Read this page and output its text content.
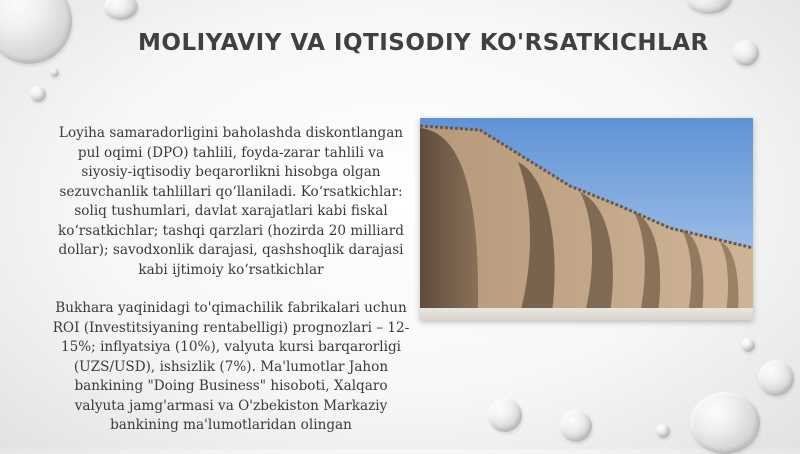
MOLIYAVIY VA IQTISODIY KO'RSATKICHLAR

Loyiha samaradorligini baholashda diskontlangan pul oqimi (DPO) tahlili, foyda-zarar tahlili va siyosiy-iqtisodiy beqarorlikni hisobga olgan sezuvchanlik tahlillari qo‘llaniladi. Ko‘rsatkichlar: soliq tushumlari, davlat xarajatlari kabi fiskal ko‘rsatkichlar; tashqi qarzlari (hozirda 20 milliard dollar); savodxonlik darajasi, qashshoqlik darajasi kabi ijtimoiy ko‘rsatkichlar

Bukhara yaqinidagi to'qimachilik fabrikalari uchun ROI (Investitsiyaning rentabelligi) prognozlari – 12-15%; inflyatsiya (10%), valyuta kursi barqarorligi (UZS/USD), ishsizlik (7%). Ma'lumotlar Jahon bankining "Doing Business" hisoboti, Xalqaro valyuta jamg'armasi va O'zbekiston Markaziy bankining ma'lumotlaridan olingan
